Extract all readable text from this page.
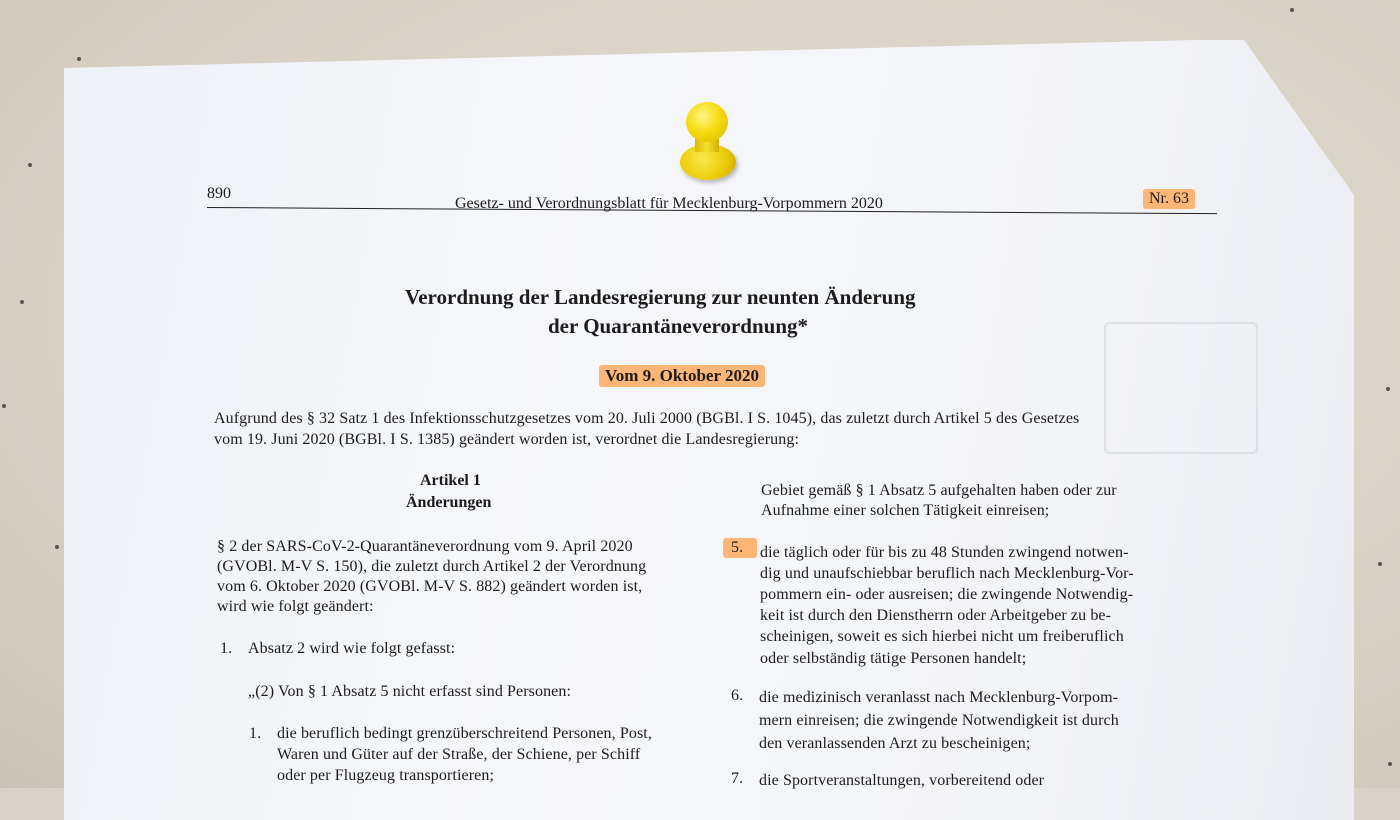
890
Gesetz- und Verordnungsblatt für Mecklenburg-Vorpommern 2020	Nr. 63
Verordnung der Landesregierung zur neunten Änderung
der Quarantäneverordnung*
Vom 9. Oktober 2020
Aufgrund des § 32 Satz 1 des Infektionsschutzgesetzes vom 20. Juli 2000 (BGBl. I S. 1045), das zuletzt durch Artikel 5 des Gesetzes
vom 19. Juni 2020 (BGBl. I S. 1385) geändert worden ist, verordnet die Landesregierung:
Artikel 1
Änderungen
§ 2 der SARS-CoV-2-Quarantäneverordnung vom 9. April 2020
(GVOBl. M-V S. 150), die zuletzt durch Artikel 2 der Verordnung
vom 6. Oktober 2020 (GVOBl. M-V S. 882) geändert worden ist,
wird wie folgt geändert:
1. Absatz 2 wird wie folgt gefasst:
„(2) Von § 1 Absatz 5 nicht erfasst sind Personen:
1. die beruflich bedingt grenzüberschreitend Personen, Post,
Waren und Güter auf der Straße, der Schiene, per Schiff
oder per Flugzeug transportieren;
Gebiet gemäß § 1 Absatz 5 aufgehalten haben oder zur
Aufnahme einer solchen Tätigkeit einreisen;
5.	die täglich oder für bis zu 48 Stunden zwingend notwen-
dig und unaufschiebbar beruflich nach Mecklenburg-Vor-
pommern ein- oder ausreisen; die zwingende Notwendig-
keit ist durch den Dienstherrn oder Arbeitgeber zu be-
scheinigen, soweit es sich hierbei nicht um freiberuflich
oder selbständig tätige Personen handelt;
6. die medizinisch veranlasst nach Mecklenburg-Vorpom-
mern einreisen; die zwingende Notwendigkeit ist durch
den veranlassenden Arzt zu bescheinigen;
7. die Sportveranstaltungen, vorbereitend oder
